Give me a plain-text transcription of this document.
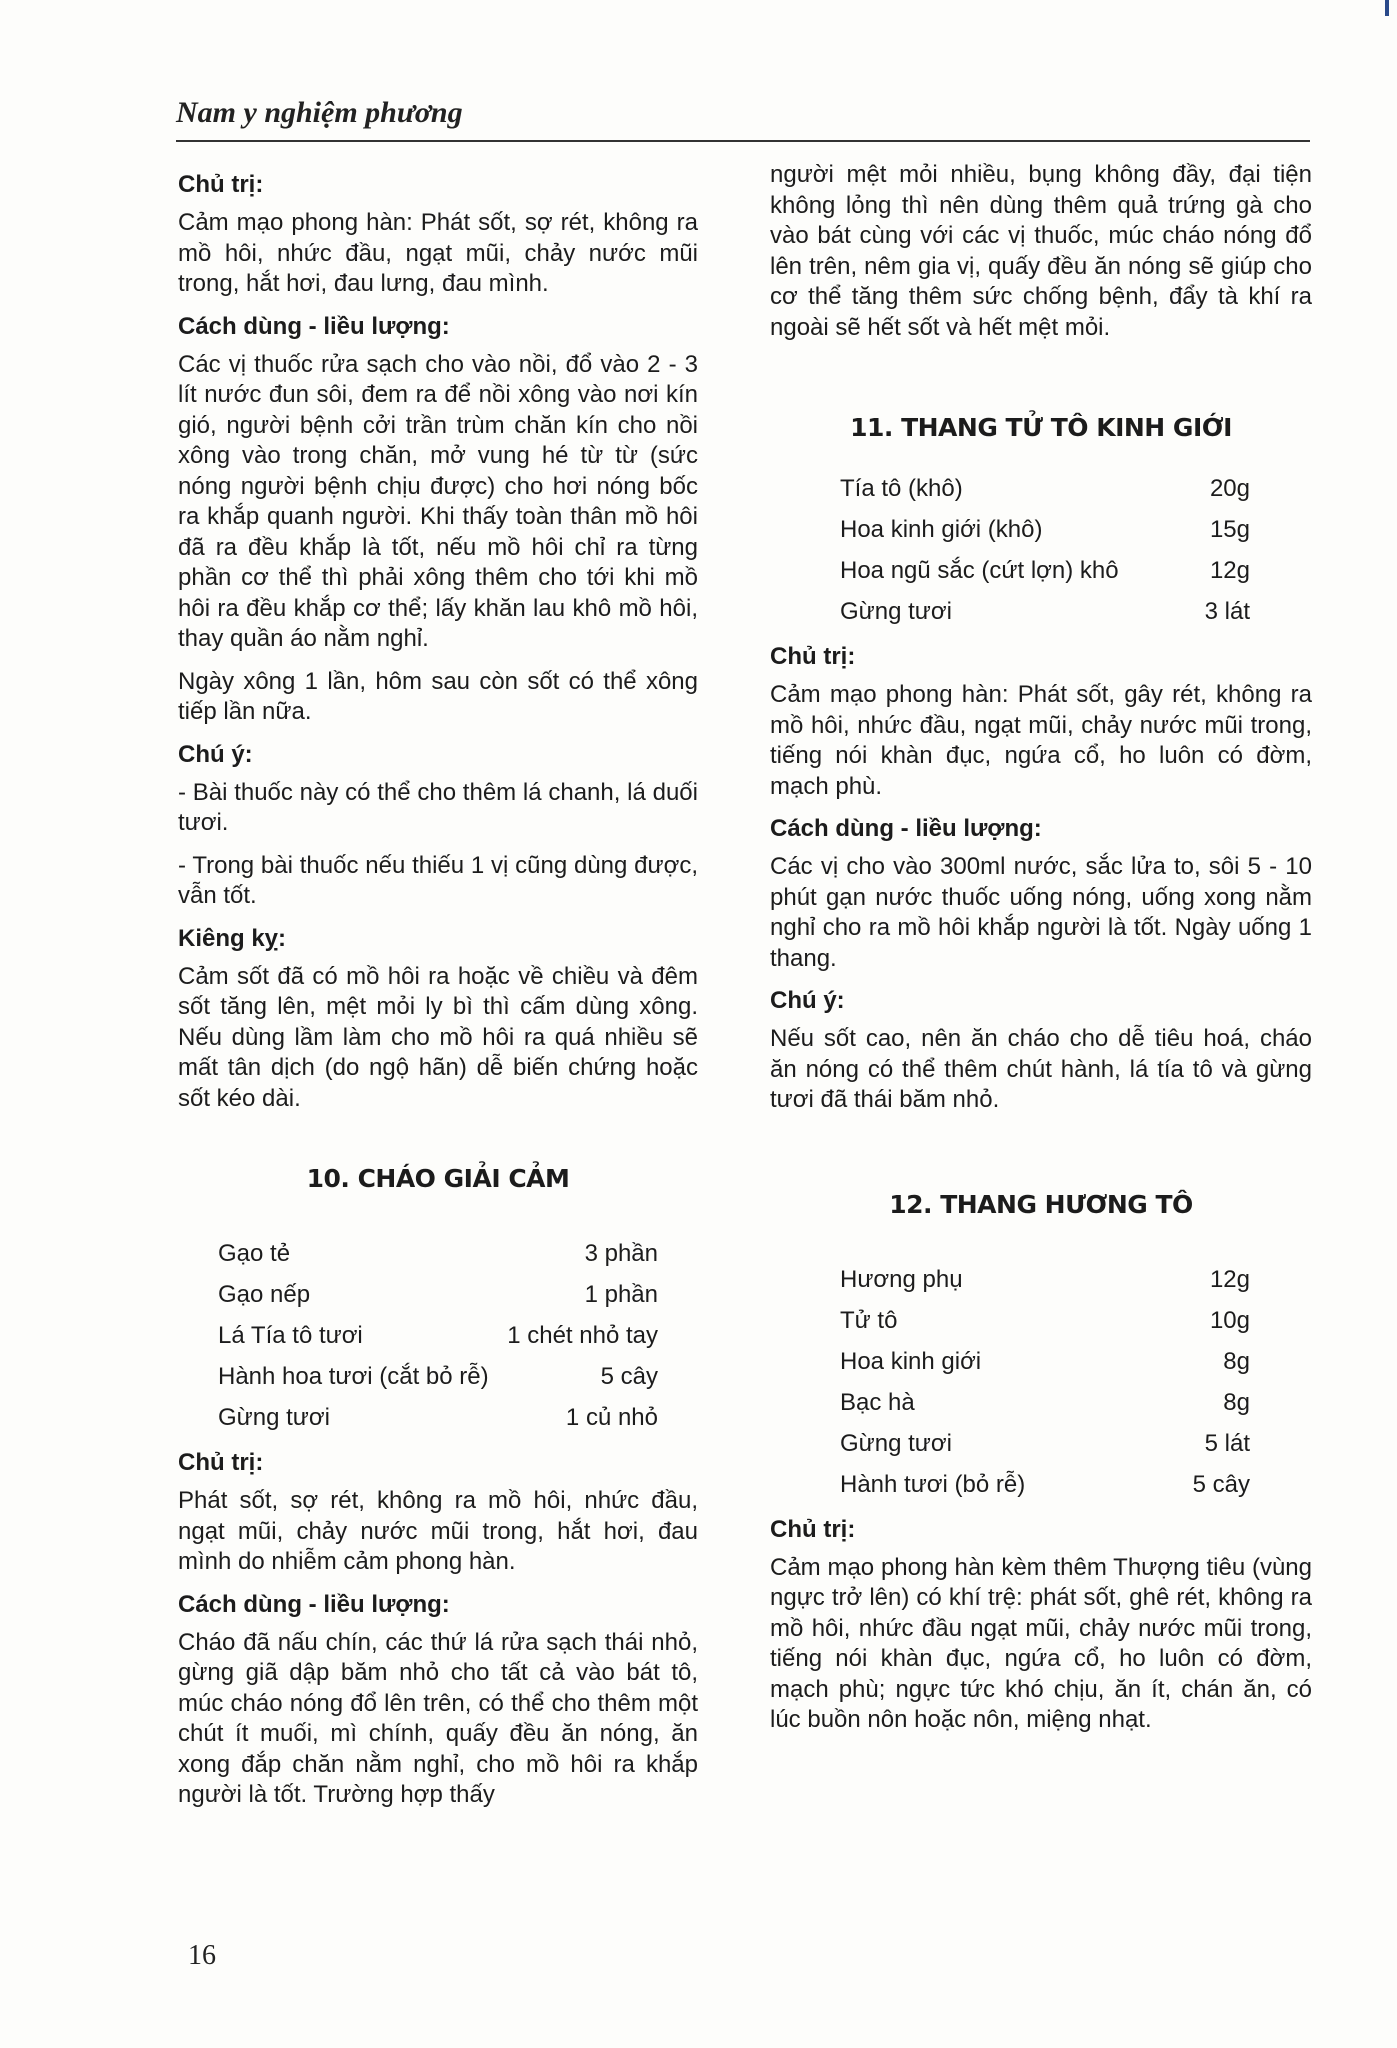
Nam y nghiệm phương
Chủ trị:

Cảm mạo phong hàn: Phát sốt, sợ rét, không ra mồ hôi, nhức đầu, ngạt mũi, chảy nước mũi trong, hắt hơi, đau lưng, đau mình.

Cách dùng - liều lượng:

Các vị thuốc rửa sạch cho vào nồi, đổ vào 2 - 3 lít nước đun sôi, đem ra để nồi xông vào nơi kín gió, người bệnh cởi trần trùm chăn kín cho nồi xông vào trong chăn, mở vung hé từ từ (sức nóng người bệnh chịu được) cho hơi nóng bốc ra khắp quanh người. Khi thấy toàn thân mồ hôi đã ra đều khắp là tốt, nếu mồ hôi chỉ ra từng phần cơ thể thì phải xông thêm cho tới khi mồ hôi ra đều khắp cơ thể; lấy khăn lau khô mồ hôi, thay quần áo nằm nghỉ.

Ngày xông 1 lần, hôm sau còn sốt có thể xông tiếp lần nữa.

Chú ý:

- Bài thuốc này có thể cho thêm lá chanh, lá duối tươi.

- Trong bài thuốc nếu thiếu 1 vị cũng dùng được, vẫn tốt.

Kiêng kỵ:

Cảm sốt đã có mồ hôi ra hoặc về chiều và đêm sốt tăng lên, mệt mỏi ly bì thì cấm dùng xông. Nếu dùng lầm làm cho mồ hôi ra quá nhiều sẽ mất tân dịch (do ngộ hãn) dễ biến chứng hoặc sốt kéo dài.

10. CHÁO GIẢI CẢM
Gạo tẻ	3 phần
Gạo nếp	1 phần
Lá Tía tô tươi	1 chét nhỏ tay
Hành hoa tươi (cắt bỏ rễ)	5 cây
Gừng tươi	1 củ nhỏ
Chủ trị:

Phát sốt, sợ rét, không ra mồ hôi, nhức đầu, ngạt mũi, chảy nước mũi trong, hắt hơi, đau mình do nhiễm cảm phong hàn.

Cách dùng - liều lượng:

Cháo đã nấu chín, các thứ lá rửa sạch thái nhỏ, gừng giã dập băm nhỏ cho tất cả vào bát tô, múc cháo nóng đổ lên trên, có thể cho thêm một chút ít muối, mì chính, quấy đều ăn nóng, ăn xong đắp chăn nằm nghỉ, cho mồ hôi ra khắp người là tốt. Trường hợp thấy

người mệt mỏi nhiều, bụng không đầy, đại tiện không lỏng thì nên dùng thêm quả trứng gà cho vào bát cùng với các vị thuốc, múc cháo nóng đổ lên trên, nêm gia vị, quấy đều ăn nóng sẽ giúp cho cơ thể tăng thêm sức chống bệnh, đẩy tà khí ra ngoài sẽ hết sốt và hết mệt mỏi.

11. THANG TỬ TÔ KINH GIỚI
Tía tô (khô)	20g
Hoa kinh giới (khô)	15g
Hoa ngũ sắc (cứt lợn) khô	12g
Gừng tươi	3 lát
Chủ trị:

Cảm mạo phong hàn: Phát sốt, gây rét, không ra mồ hôi, nhức đầu, ngạt mũi, chảy nước mũi trong, tiếng nói khàn đục, ngứa cổ, ho luôn có đờm, mạch phù.

Cách dùng - liều lượng:

Các vị cho vào 300ml nước, sắc lửa to, sôi 5 - 10 phút gạn nước thuốc uống nóng, uống xong nằm nghỉ cho ra mồ hôi khắp người là tốt. Ngày uống 1 thang.

Chú ý:

Nếu sốt cao, nên ăn cháo cho dễ tiêu hoá, cháo ăn nóng có thể thêm chút hành, lá tía tô và gừng tươi đã thái băm nhỏ.

12. THANG HƯƠNG TÔ
Hương phụ	12g
Tử tô	10g
Hoa kinh giới	8g
Bạc hà	8g
Gừng tươi	5 lát
Hành tươi (bỏ rễ)	5 cây
Chủ trị:

Cảm mạo phong hàn kèm thêm Thượng tiêu (vùng ngực trở lên) có khí trệ: phát sốt, ghê rét, không ra mồ hôi, nhức đầu ngạt mũi, chảy nước mũi trong, tiếng nói khàn đục, ngứa cổ, ho luôn có đờm, mạch phù; ngực tức khó chịu, ăn ít, chán ăn, có lúc buồn nôn hoặc nôn, miệng nhạt.

16
